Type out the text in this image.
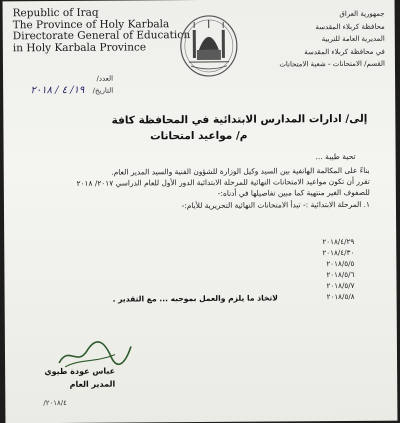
Republic of Iraq
The Province of Holy Karbala
Directorate General of Education
in Holy Karbala Province
جمهورية العراق
محافظة كربلاء المقدسة
المديرية العامة للتربية
في محافظة كربلاء المقدسة
القسم/ الامتحانات - شعبة الامتحانات
العدد/
التاريخ/ ١٩/ ٤ / ٢٠١٨
إلى/ ادارات المدارس الابتدائية في المحافظة كافة
م/ مواعيد امتحانات
تحية طيبة ...
بناءً على المكالمة الهاتفية بين السيد وكيل الوزارة للشؤون الفنية والسيد المدير العام.
تقرر أن تكون مواعيد الامتحانات النهائية للمرحلة الابتدائية الدور الأول للعام الدراسي ٢٠١٧/ ٢٠١٨
للصفوف الغير منتهية كما مبين تفاصيلها في أدناه:-
١. المرحلة الابتدائية :- تبدأ الامتحانات النهائية التحريرية للأيام:-
٢٠١٨/٤/٢٩
٢٠١٨/٤/٣٠
٢٠١٨/٥/٥
٢٠١٨/٥/٦
٢٠١٨/٥/٧
٢٠١٨/٥/٨
لاتخاذ ما يلزم والعمل بموجبه ... مع التقدير .
عباس عودة طيوي
المدير العام
٢٠١٨/٤/
